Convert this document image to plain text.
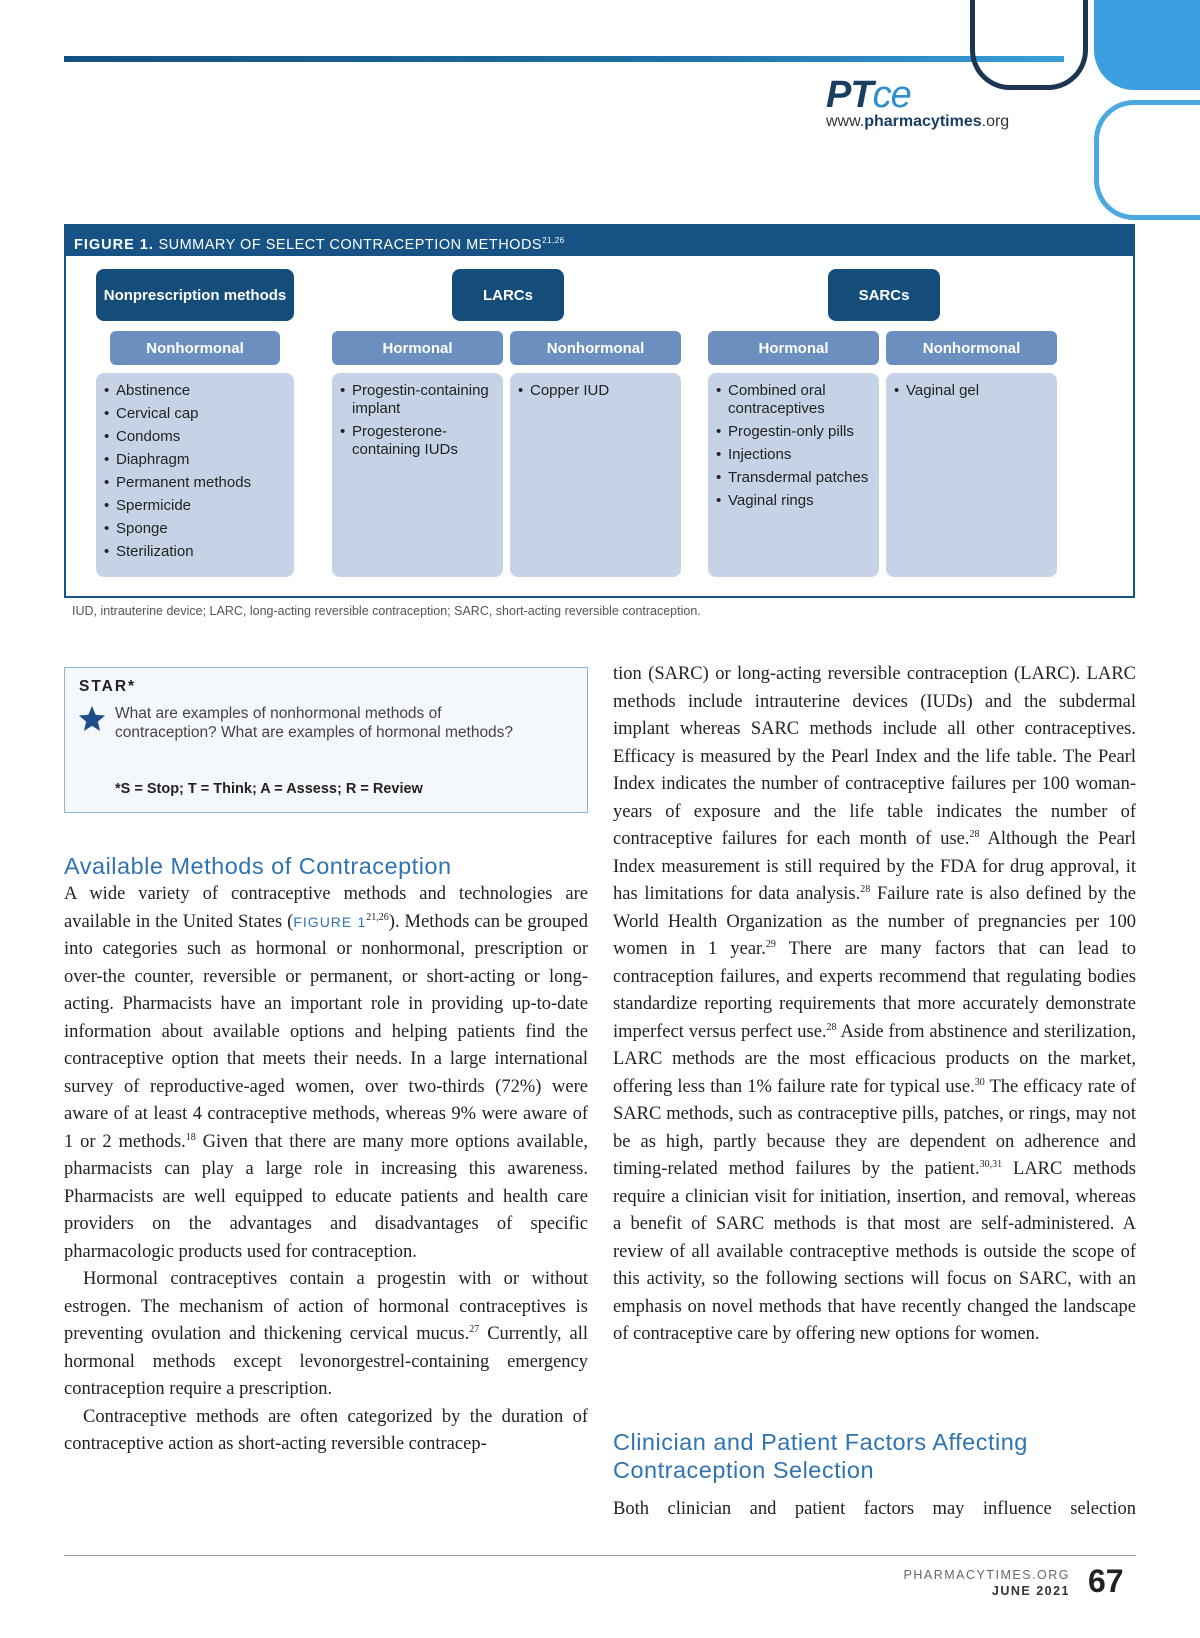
PTce
www.pharmacytimes.org
FIGURE 1. SUMMARY OF SELECT CONTRACEPTION METHODS$^{21,26}$
Nonprescription methods	LARCs	SARCs
Nonhormonal	Hormonal	Nonhormonal	Hormonal	Nonhormonal
• Abstinence
• Cervical cap
• Condoms
• Diaphragm
• Permanent methods
• Spermicide
• Sponge
• Sterilization
• Progestin-containing implant
• Progesterone-containing IUDs
• Copper IUD
•	Combined oral contraceptives
• Progestin-only pills
• Injections
• Transdermal patches
• Vaginal rings
• Vaginal gel
IUD, intrauterine device; LARC, long-acting reversible contraception; SARC, short-acting reversible contraception.
STAR*
What are examples of nonhormonal methods of contraception? What are examples of hormonal methods?
*S = Stop; T = Think; A = Assess; R = Review
Available Methods of Contraception

A wide variety of contraceptive methods and technologies are available in the United States (FIGURE 1$^{21,26}$). Methods can be grouped into categories such as hormonal or nonhormonal, prescription or over-the counter, reversible or permanent, or short-acting or long-acting. Pharmacists have an important role in providing up-to-date information about available options and helping patients find the contraceptive option that meets their needs. In a large international survey of reproductive-aged women, over two-thirds (72%) were aware of at least 4 contraceptive methods, whereas 9% were aware of 1 or 2 methods.$^{18}$ Given that there are many more options available, pharmacists can play a large role in increasing this awareness. Pharmacists are well equipped to educate patients and health care providers on the advantages and disadvantages of specific pharmacologic products used for contraception.

Hormonal contraceptives contain a progestin with or without estrogen. The mechanism of action of hormonal contraceptives is preventing ovulation and thickening cervical mucus.$^{27}$ Currently, all hormonal methods except levonorgestrel-containing emergency contraception require a prescription.

Contraceptive methods are often categorized by the duration of contraceptive action as short-acting reversible contracep-

tion (SARC) or long-acting reversible contraception (LARC). LARC methods include intrauterine devices (IUDs) and the subdermal implant whereas SARC methods include all other contraceptives. Efficacy is measured by the Pearl Index and the life table. The Pearl Index indicates the number of contraceptive failures per 100 woman-years of exposure and the life table indicates the number of contraceptive failures for each month of use.$^{28}$ Although the Pearl Index measurement is still required by the FDA for drug approval, it has limitations for data analysis.$^{28}$ Failure rate is also defined by the World Health Organization as the number of pregnancies per 100 women in 1 year.$^{29}$ There are many factors that can lead to contraception failures, and experts recommend that regulating bodies standardize reporting requirements that more accurately demonstrate imperfect versus perfect use.$^{28}$ Aside from abstinence and sterilization, LARC methods are the most efficacious products on the market, offering less than 1% failure rate for typical use.$^{30}$ The efficacy rate of SARC methods, such as contraceptive pills, patches, or rings, may not be as high, partly because they are dependent on adherence and timing-related method failures by the patient.$^{30,31}$ LARC methods require a clinician visit for initiation, insertion, and removal, whereas a benefit of SARC methods is that most are self-administered. A review of all available contraceptive methods is outside the scope of this activity, so the following sections will focus on SARC, with an emphasis on novel methods that have recently changed the landscape of contraceptive care by offering new options for women.

Clinician and Patient Factors Affecting
Contraception Selection

Both clinician and patient factors may influence selection

PHARMACYTIMES.ORG
JUNE 2021 67
